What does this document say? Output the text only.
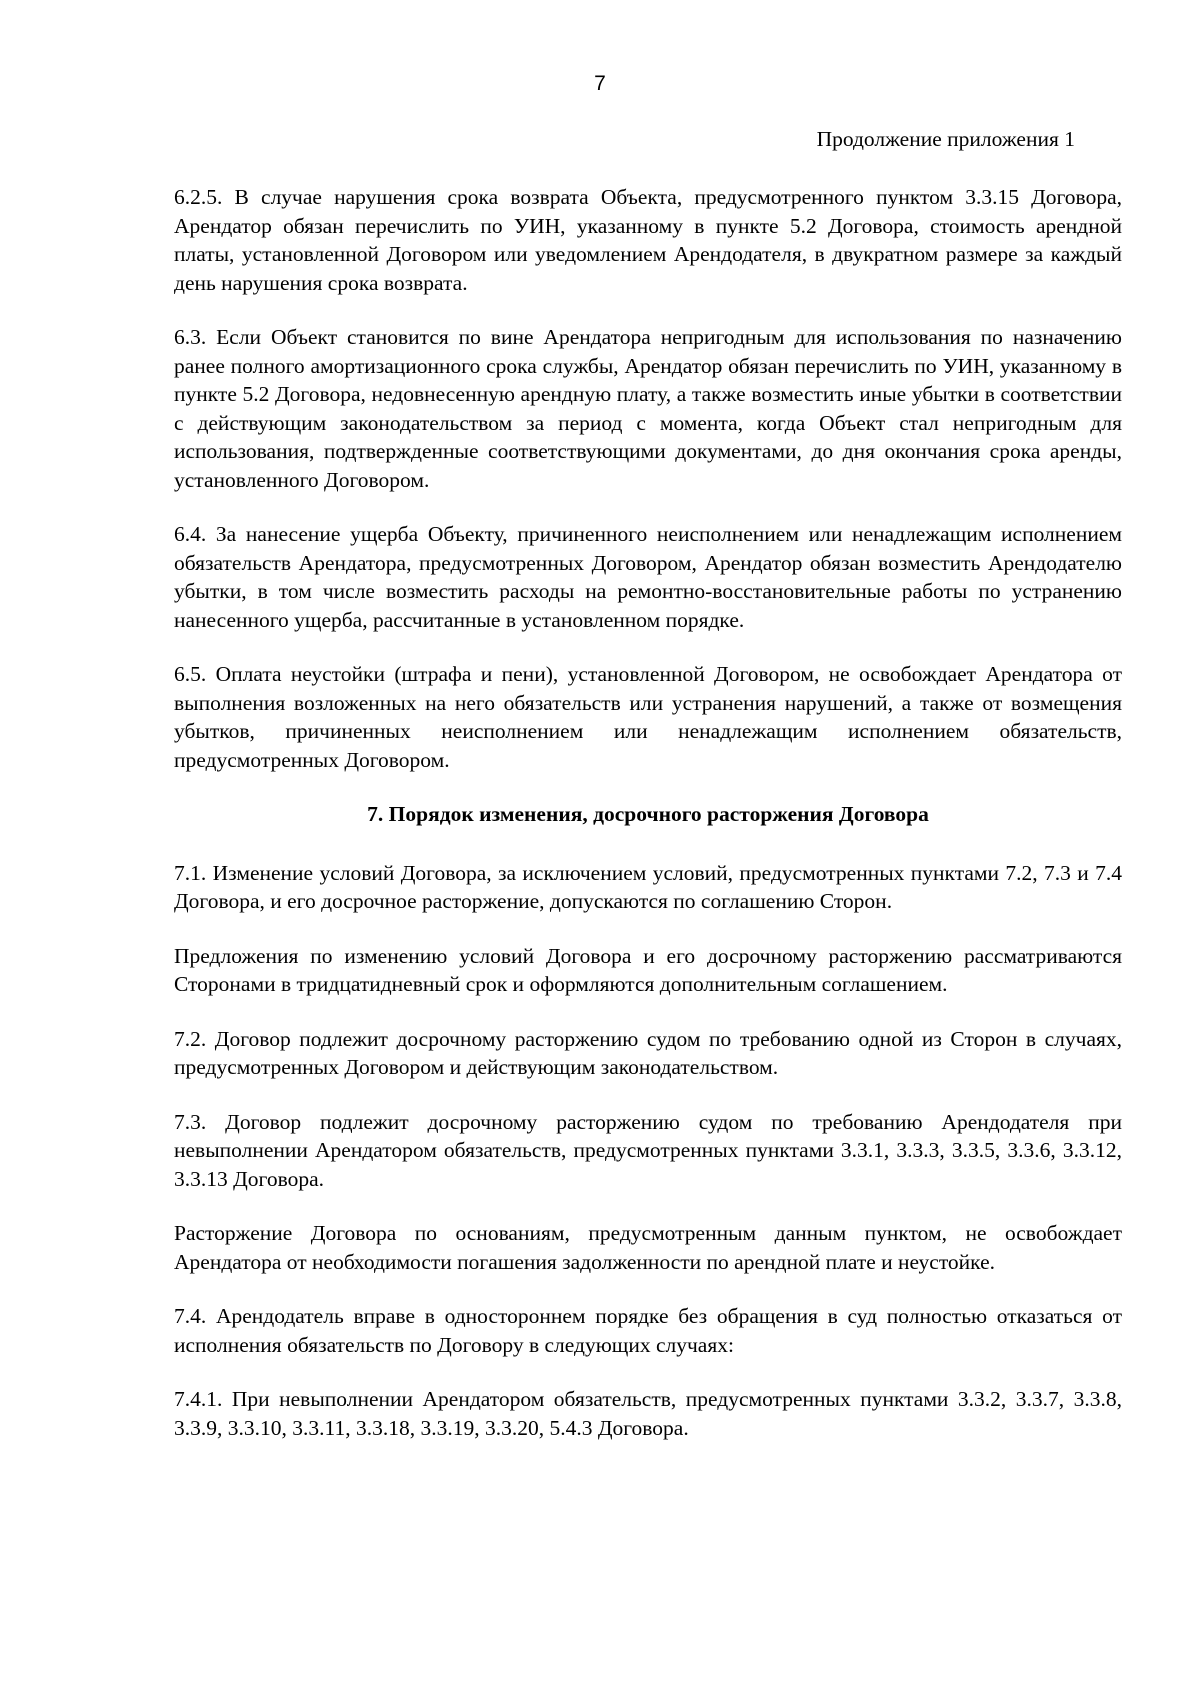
7
Продолжение приложения 1

6.2.5. В случае нарушения срока возврата Объекта, предусмотренного пунктом 3.3.15 Договора, Арендатор обязан перечислить по УИН, указанному в пункте 5.2 Договора, стоимость арендной платы, установленной Договором или уведомлением Арендодателя, в двукратном размере за каждый день нарушения срока возврата.

6.3. Если Объект становится по вине Арендатора непригодным для использования по назначению ранее полного амортизационного срока службы, Арендатор обязан перечислить по УИН, указанному в пункте 5.2 Договора, недовнесенную арендную плату, а также возместить иные убытки в соответствии с действующим законодательством за период с момента, когда Объект стал непригодным для использования, подтвержденные соответствующими документами, до дня окончания срока аренды, установленного Договором.

6.4. За нанесение ущерба Объекту, причиненного неисполнением или ненадлежащим исполнением обязательств Арендатора, предусмотренных Договором, Арендатор обязан возместить Арендодателю убытки, в том числе возместить расходы на ремонтно-восстановительные работы по устранению нанесенного ущерба, рассчитанные в установленном порядке.

6.5. Оплата неустойки (штрафа и пени), установленной Договором, не освобождает Арендатора от выполнения возложенных на него обязательств или устранения нарушений, а также от возмещения убытков, причиненных неисполнением или ненадлежащим исполнением обязательств, предусмотренных Договором.

7. Порядок изменения, досрочного расторжения Договора

7.1. Изменение условий Договора, за исключением условий, предусмотренных пунктами 7.2, 7.3 и 7.4 Договора, и его досрочное расторжение, допускаются по соглашению Сторон.

Предложения по изменению условий Договора и его досрочному расторжению рассматриваются Сторонами в тридцатидневный срок и оформляются дополнительным соглашением.

7.2. Договор подлежит досрочному расторжению судом по требованию одной из Сторон в случаях, предусмотренных Договором и действующим законодательством.

7.3. Договор подлежит досрочному расторжению судом по требованию Арендодателя при невыполнении Арендатором обязательств, предусмотренных пунктами 3.3.1, 3.3.3, 3.3.5, 3.3.6, 3.3.12, 3.3.13 Договора.

Расторжение Договора по основаниям, предусмотренным данным пунктом, не освобождает Арендатора от необходимости погашения задолженности по арендной плате и неустойке.

7.4. Арендодатель вправе в одностороннем порядке без обращения в суд полностью отказаться от исполнения обязательств по Договору в следующих случаях:

7.4.1. При невыполнении Арендатором обязательств, предусмотренных пунктами 3.3.2, 3.3.7, 3.3.8, 3.3.9, 3.3.10, 3.3.11, 3.3.18, 3.3.19, 3.3.20, 5.4.3 Договора.
